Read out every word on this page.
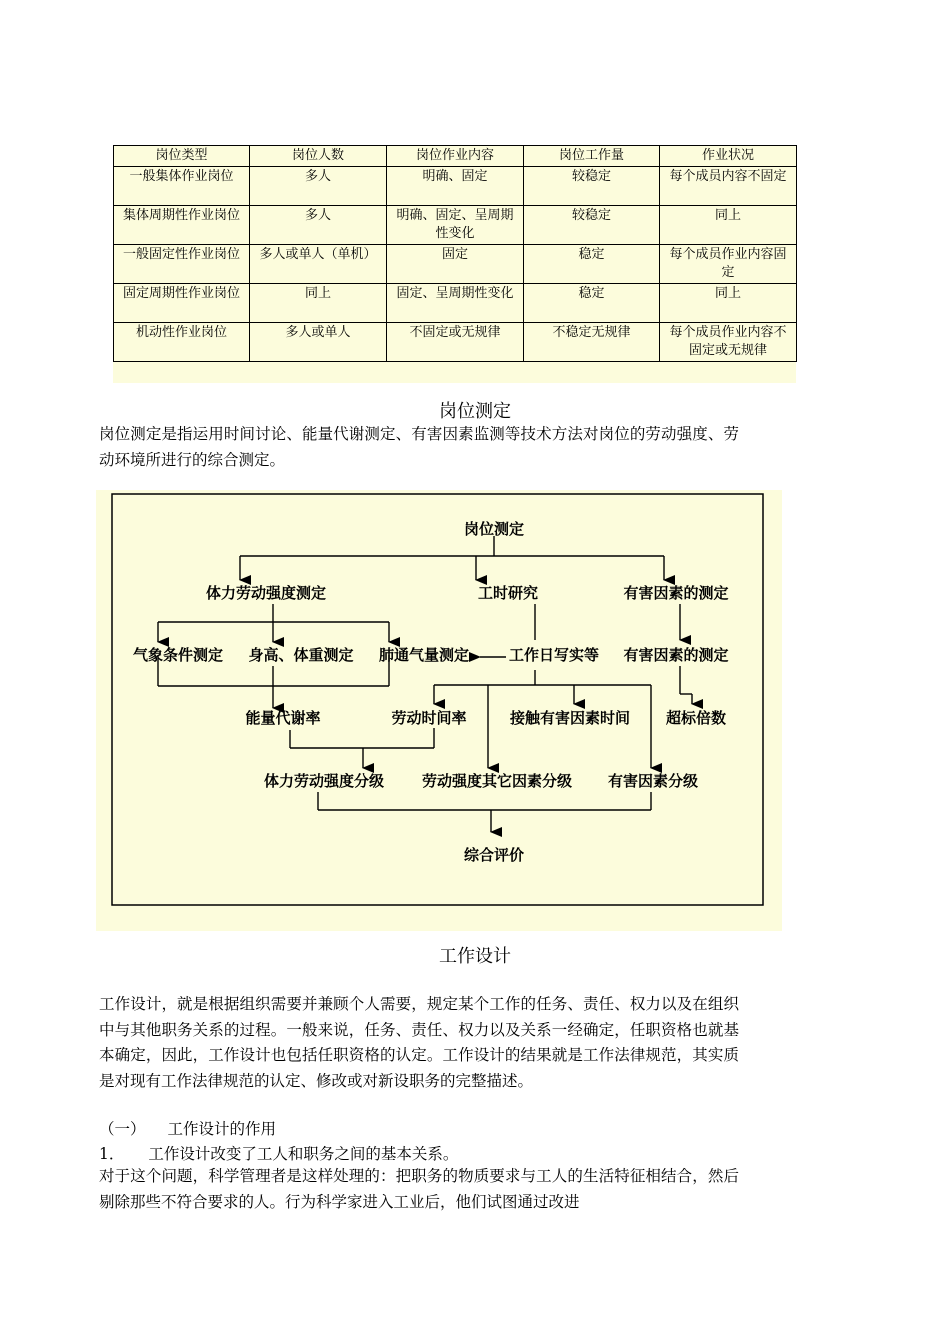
岗位类型	岗位人数	岗位作业内容	岗位工作量	作业状况
一般集体作业岗位	多人	明确、固定	较稳定	每个成员内容不固定
集体周期性作业岗位	多人	明确、固定、呈周期性变化	较稳定	同上
一般固定性作业岗位	多人或单人（单机）	固定	稳定	每个成员作业内容固定
固定周期性作业岗位	同上	固定、呈周期性变化	稳定	同上
机动性作业岗位	多人或单人	不固定或无规律	不稳定无规律	每个成员作业内容不固定或无规律
岗位测定
岗位测定是指运用时间讨论、能量代谢测定、有害因素监测等技术方法对岗位的劳动强度、劳动环境所进行的综合测定。
岗位测定
体力劳动强度测定	工时研究	有害因素的测定
气象条件测定 身高、体重测定 肺通气量测定	工作日写实等 有害因素的测定
能量代谢率	劳动时间率	接触有害因素时间 超标倍数
体力劳动强度分级	劳动强度其它因素分级 有害因素分级
综合评价
工作设计
工作设计，就是根据组织需要并兼顾个人需要，规定某个工作的任务、责任、权力以及在组织中与其他职务关系的过程。一般来说，任务、责任、权力以及关系一经确定，任职资格也就基本确定，因此，工作设计也包括任职资格的认定。工作设计的结果就是工作法律规范，其实质是对现有工作法律规范的认定、修改或对新设职务的完整描述。
（一） 工作设计的作用
1． 工作设计改变了工人和职务之间的基本关系。
对于这个问题，科学管理者是这样处理的：把职务的物质要求与工人的生活特征相结合，然后剔除那些不符合要求的人。行为科学家进入工业后，他们试图通过改进
